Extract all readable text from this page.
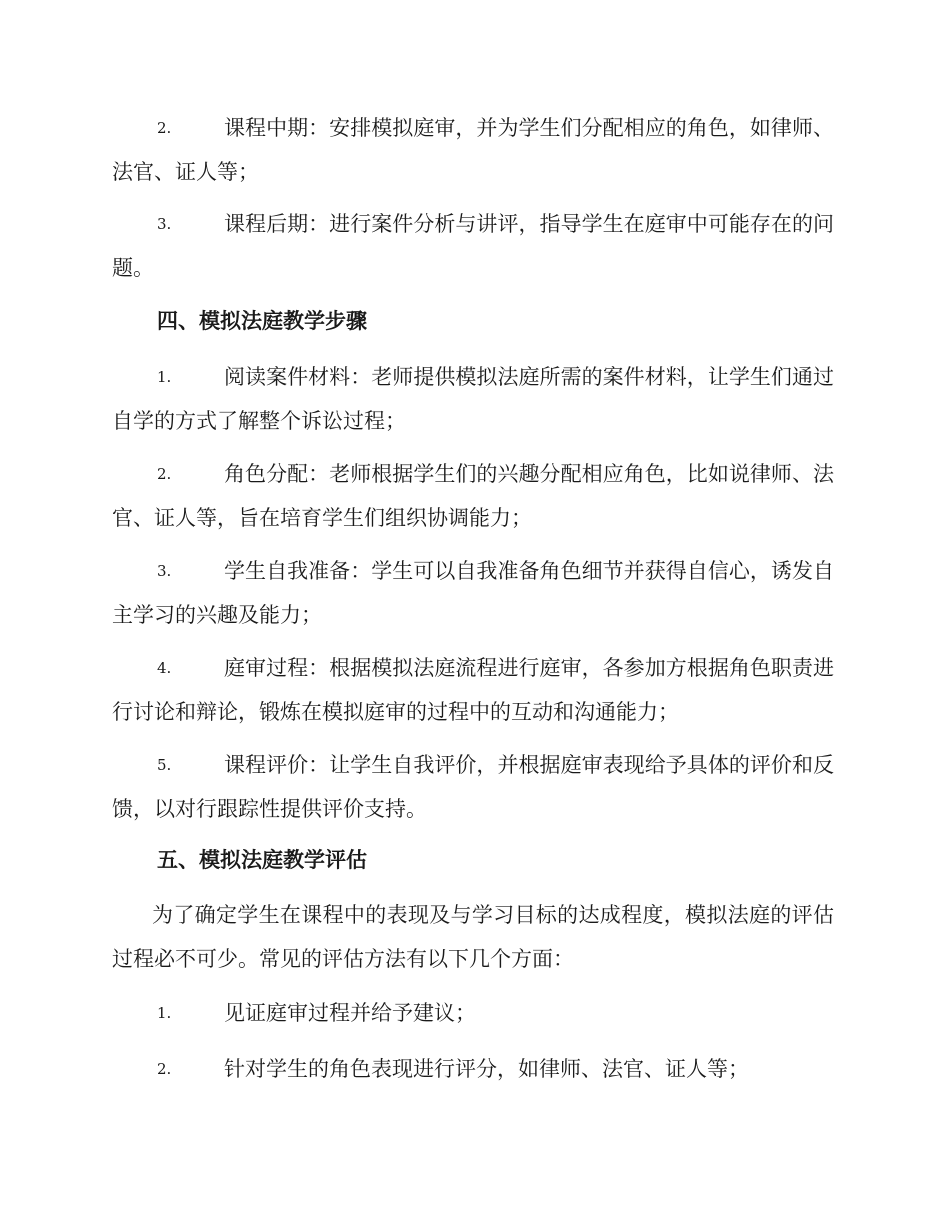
2.	课程中期：安排模拟庭审，并为学生们分配相应的角色，如律师、法官、证人等；

3.	课程后期：进行案件分析与讲评，指导学生在庭审中可能存在的问题。

四、模拟法庭教学步骤

1.	阅读案件材料：老师提供模拟法庭所需的案件材料，让学生们通过自学的方式了解整个诉讼过程；

2.	角色分配：老师根据学生们的兴趣分配相应角色，比如说律师、法官、证人等，旨在培育学生们组织协调能力；

3.	学生自我准备：学生可以自我准备角色细节并获得自信心，诱发自主学习的兴趣及能力；

4.	庭审过程：根据模拟法庭流程进行庭审，各参加方根据角色职责进行讨论和辩论，锻炼在模拟庭审的过程中的互动和沟通能力；

5.	课程评价：让学生自我评价，并根据庭审表现给予具体的评价和反馈，以对行跟踪性提供评价支持。

五、模拟法庭教学评估

为了确定学生在课程中的表现及与学习目标的达成程度，模拟法庭的评估过程必不可少。常见的评估方法有以下几个方面：

1.	见证庭审过程并给予建议；

2.	针对学生的角色表现进行评分，如律师、法官、证人等；
